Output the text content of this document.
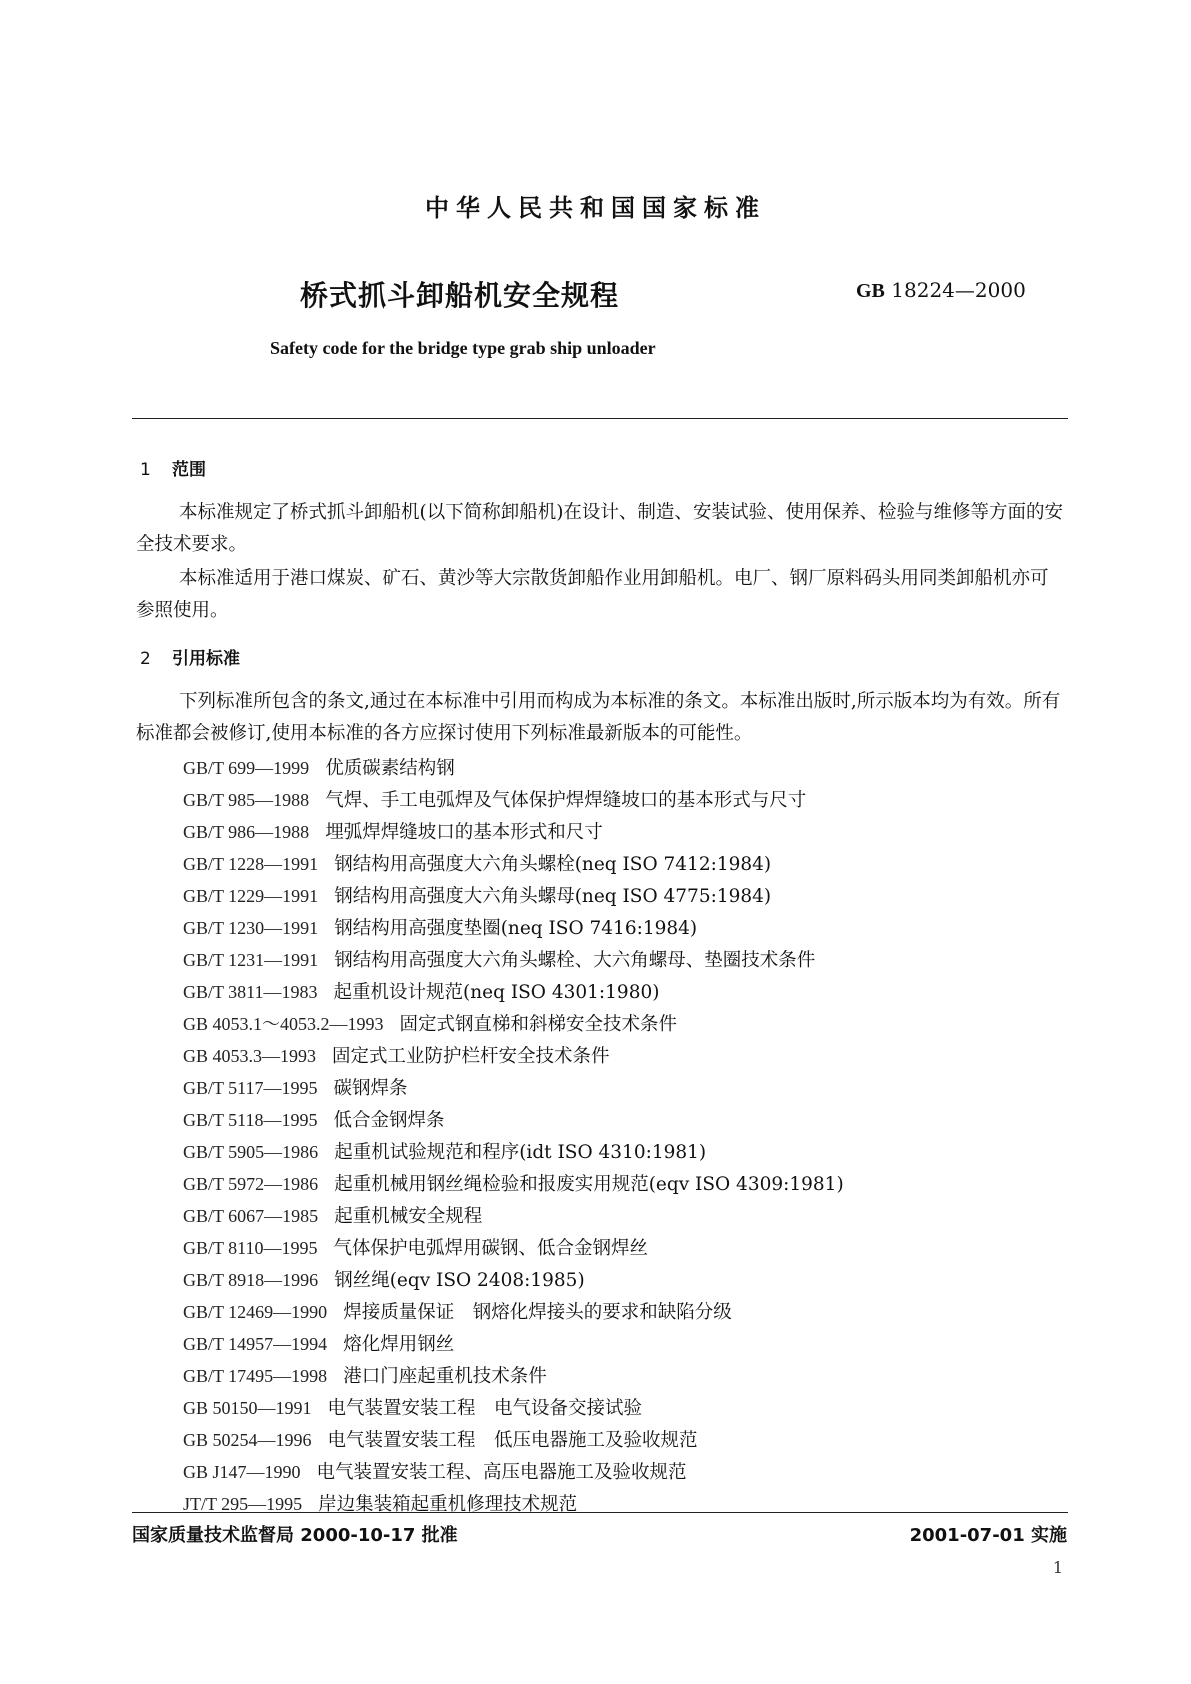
中华人民共和国国家标准
桥式抓斗卸船机安全规程	GB 18224—2000
Safety code for the bridge type grab ship unloader
1 范围
本标准规定了桥式抓斗卸船机(以下简称卸船机)在设计、制造、安装试验、使用保养、检验与维修等方面的安全技术要求。
本标准适用于港口煤炭、矿石、黄沙等大宗散货卸船作业用卸船机。电厂、钢厂原料码头用同类卸船机亦可参照使用。
2 引用标准
下列标准所包含的条文,通过在本标准中引用而构成为本标准的条文。本标准出版时,所示版本均为有效。所有标准都会被修订,使用本标准的各方应探讨使用下列标准最新版本的可能性。
GB/T 699—1999 优质碳素结构钢
GB/T 985—1988 气焊、手工电弧焊及气体保护焊焊缝坡口的基本形式与尺寸
GB/T 986—1988 埋弧焊焊缝坡口的基本形式和尺寸
GB/T 1228—1991 钢结构用高强度大六角头螺栓(neq ISO 7412:1984)
GB/T 1229—1991 钢结构用高强度大六角头螺母(neq ISO 4775:1984)
GB/T 1230—1991 钢结构用高强度垫圈(neq ISO 7416:1984)
GB/T 1231—1991 钢结构用高强度大六角头螺栓、大六角螺母、垫圈技术条件
GB/T 3811—1983 起重机设计规范(neq ISO 4301:1980)
GB 4053.1～4053.2—1993 固定式钢直梯和斜梯安全技术条件
GB 4053.3—1993 固定式工业防护栏杆安全技术条件
GB/T 5117—1995 碳钢焊条
GB/T 5118—1995 低合金钢焊条
GB/T 5905—1986 起重机试验规范和程序(idt ISO 4310:1981)
GB/T 5972—1986 起重机械用钢丝绳检验和报废实用规范(eqv ISO 4309:1981)
GB/T 6067—1985 起重机械安全规程
GB/T 8110—1995 气体保护电弧焊用碳钢、低合金钢焊丝
GB/T 8918—1996 钢丝绳(eqv ISO 2408:1985)
GB/T 12469—1990 焊接质量保证　钢熔化焊接头的要求和缺陷分级
GB/T 14957—1994 熔化焊用钢丝
GB/T 17495—1998 港口门座起重机技术条件
GB 50150—1991 电气装置安装工程　电气设备交接试验
GB 50254—1996 电气装置安装工程　低压电器施工及验收规范
GB J147—1990 电气装置安装工程、高压电器施工及验收规范
JT/T 295—1995 岸边集装箱起重机修理技术规范
国家质量技术监督局 2000-10-17 批准	2001-07-01 实施
1
